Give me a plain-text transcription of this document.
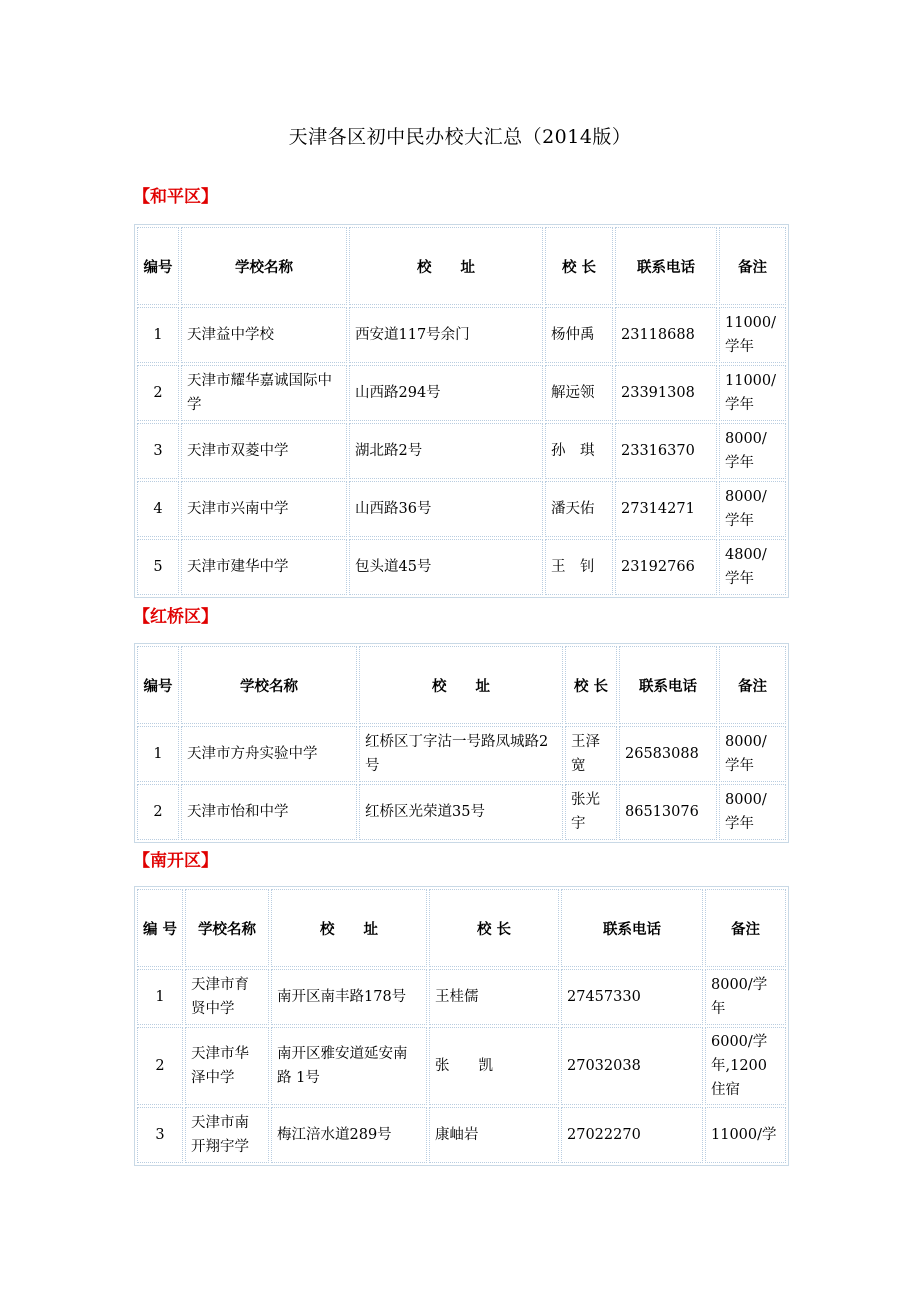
天津各区初中民办校大汇总（2014版）
【和平区】
编号	学校名称	校　　址	校 长	联系电话	备注
1	天津益中学校	西安道117号余门	杨仲禹	23118688	11000/学年
2	天津市耀华嘉诚国际中学	山西路294号	解远领	23391308	11000/学年
3	天津市双菱中学	湖北路2号	孙　琪	23316370	8000/学年
4	天津市兴南中学	山西路36号	潘天佑	27314271	8000/学年
5	天津市建华中学	包头道45号	王　钊	23192766	4800/学年
【红桥区】
编号	学校名称	校　　址	校 长	联系电话	备注
1	天津市方舟实验中学	红桥区丁字沽一号路凤城路2号	王泽宽	26583088	8000/学年
2	天津市怡和中学	红桥区光荣道35号	张光宇	86513076	8000/学年
【南开区】
编 号	学校名称	校　　址	校 长	联系电话	备注
1	天津市育贤中学	南开区南丰路178号	王桂儒	27457330	8000/学年
2	天津市华泽中学	南开区雅安道延安南路 1号	张　　凯	27032038	6000/学年,1200住宿
3	天津市南开翔宇学	梅江涪水道289号	康岫岩	27022270	11000/学
